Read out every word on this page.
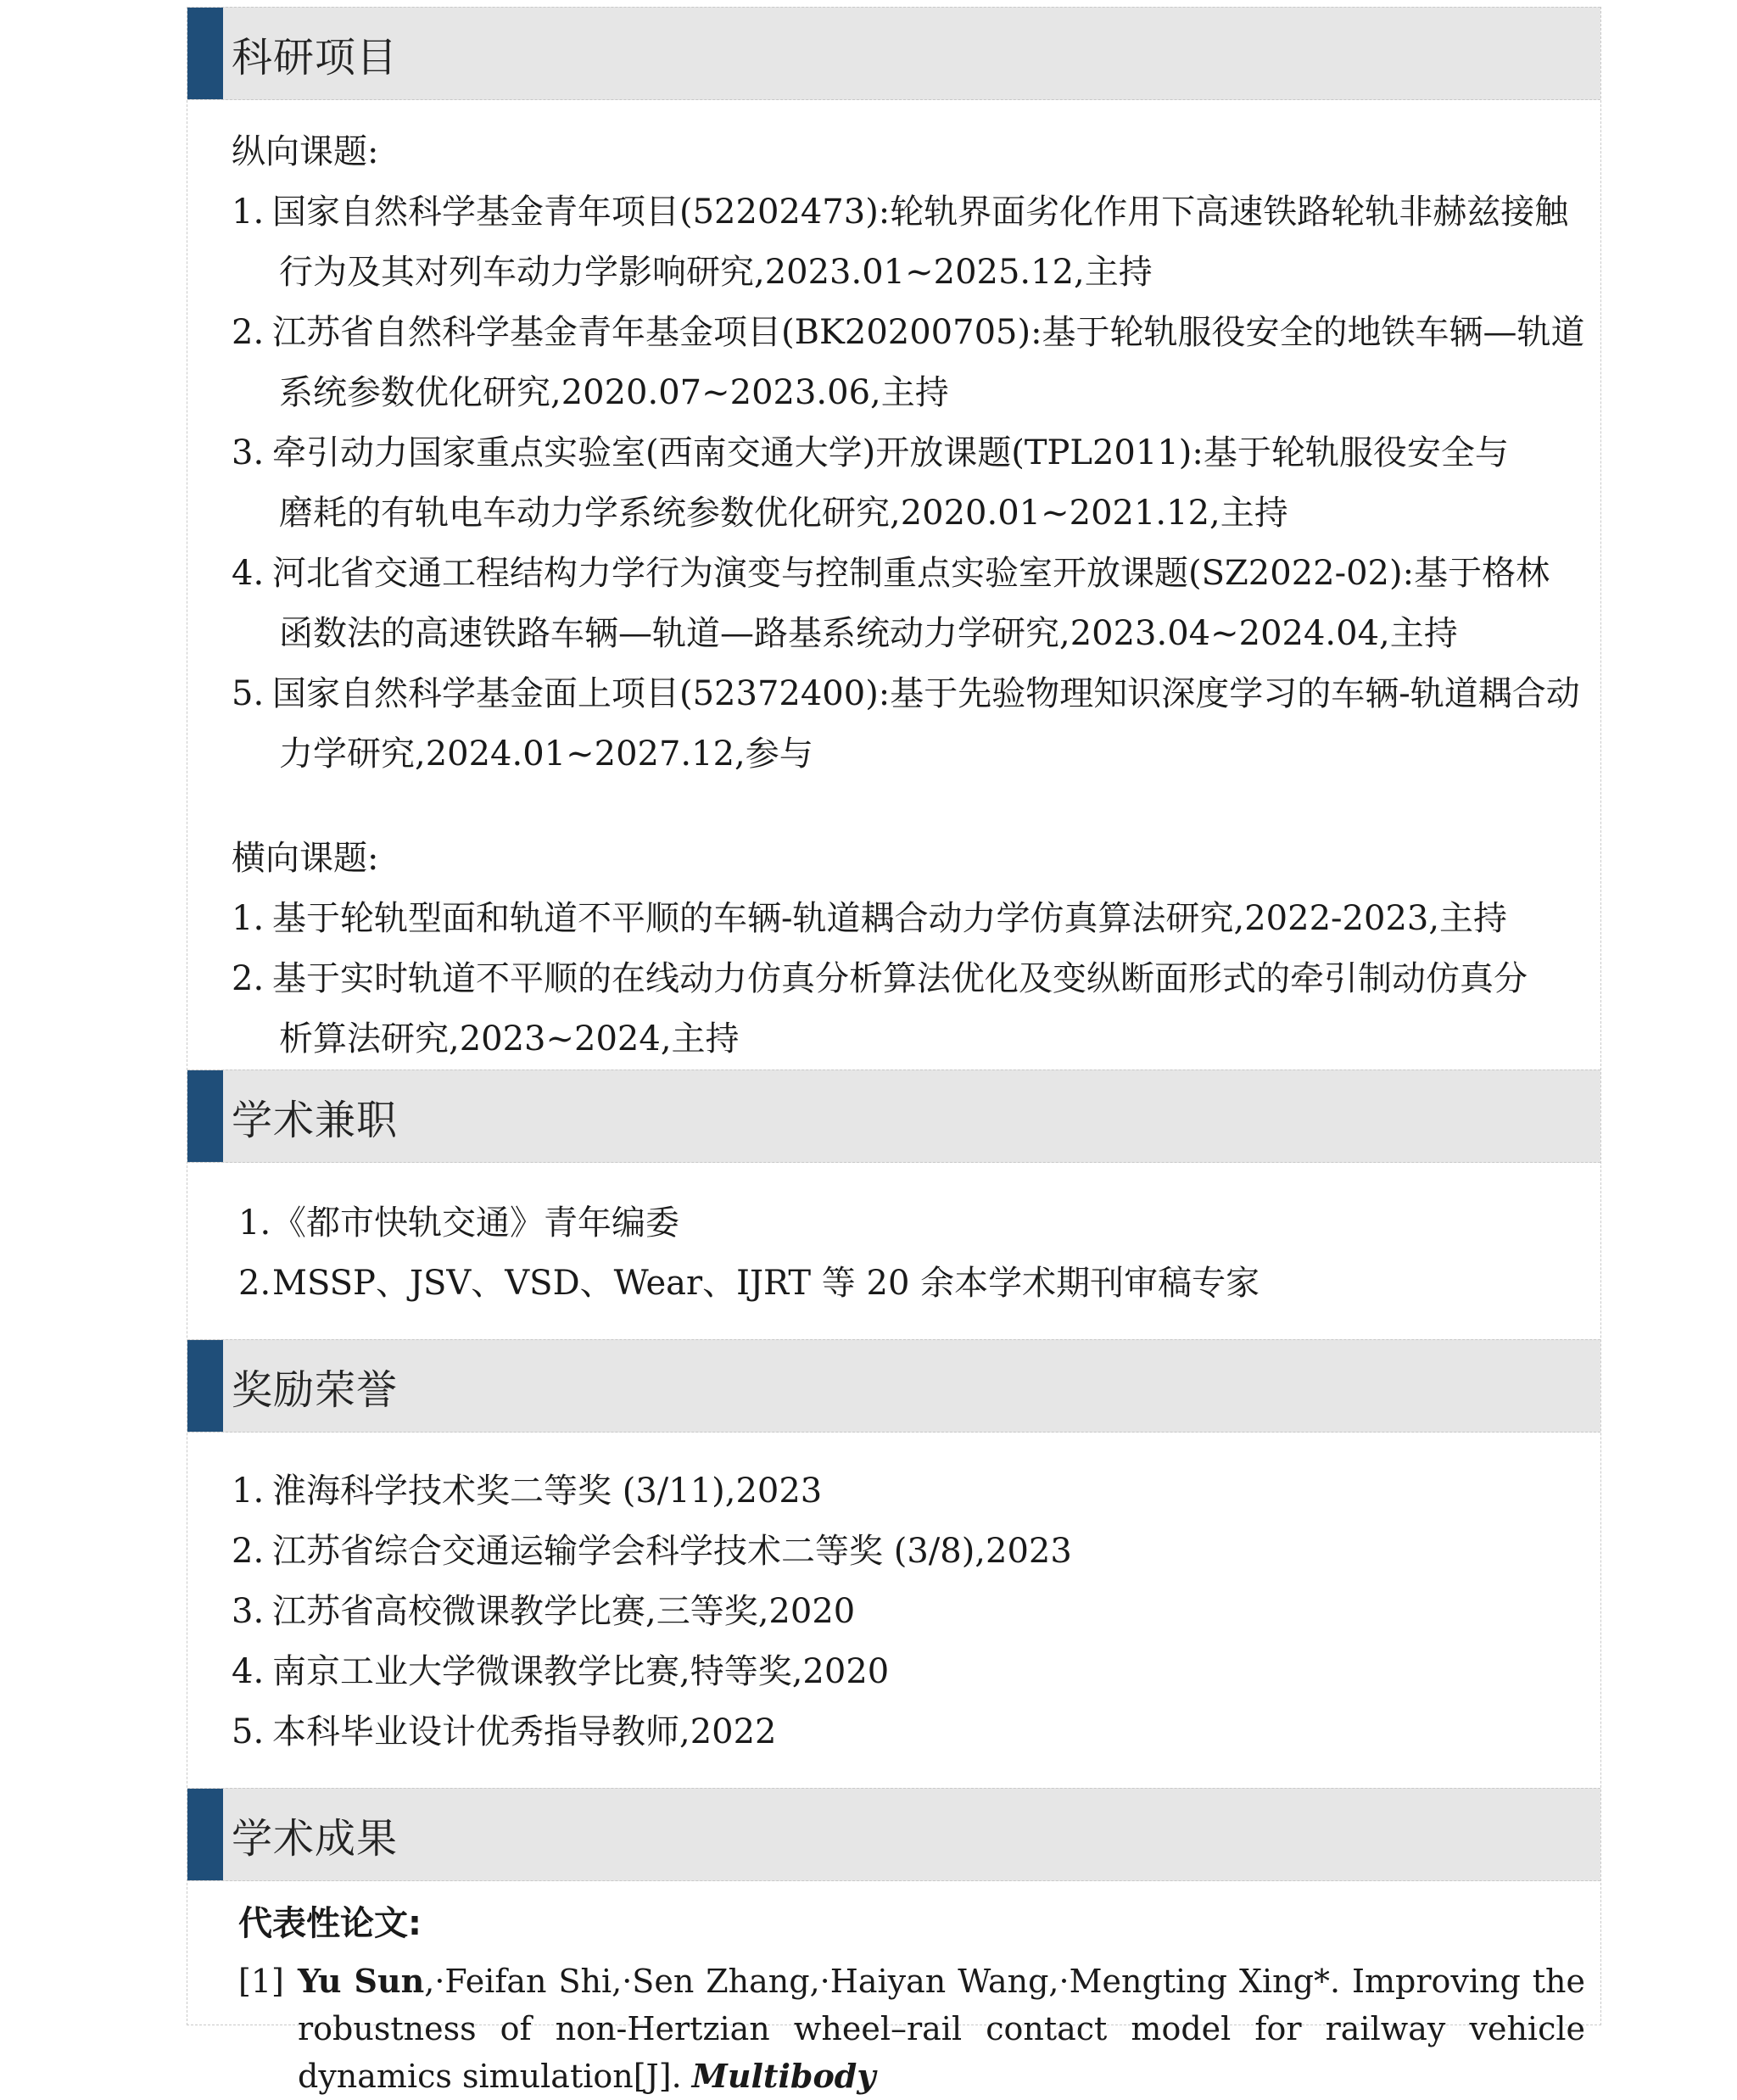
科研项目

纵向课题:

1. 国家自然科学基金青年项目(52202473):轮轨界面劣化作用下高速铁路轮轨非赫兹接触
行为及其对列车动力学影响研究,2023.01~2025.12,主持
2. 江苏省自然科学基金青年基金项目(BK20200705):基于轮轨服役安全的地铁车辆—轨道
系统参数优化研究,2020.07~2023.06,主持
3. 牵引动力国家重点实验室(西南交通大学)开放课题(TPL2011):基于轮轨服役安全与
磨耗的有轨电车动力学系统参数优化研究,2020.01~2021.12,主持
4. 河北省交通工程结构力学行为演变与控制重点实验室开放课题(SZ2022-02):基于格林
函数法的高速铁路车辆—轨道—路基系统动力学研究,2023.04~2024.04,主持
5. 国家自然科学基金面上项目(52372400):基于先验物理知识深度学习的车辆-轨道耦合动
力学研究,2024.01~2027.12,参与

横向课题:

1. 基于轮轨型面和轨道不平顺的车辆-轨道耦合动力学仿真算法研究,2022-2023,主持
2. 基于实时轨道不平顺的在线动力仿真分析算法优化及变纵断面形式的牵引制动仿真分
析算法研究,2023~2024,主持
学术兼职
1. 《都市快轨交通》青年编委
2. MSSP、JSV、VSD、Wear、IJRT 等 20 余本学术期刊审稿专家
奖励荣誉
1. 淮海科学技术奖二等奖 (3/11),2023
2. 江苏省综合交通运输学会科学技术二等奖 (3/8),2023
3. 江苏省高校微课教学比赛,三等奖,2020
4. 南京工业大学微课教学比赛,特等奖,2020
5. 本科毕业设计优秀指导教师,2022
学术成果
代表性论文:
[1] Yu Sun,·Feifan Shi,·Sen Zhang,·Haiyan Wang,·Mengting Xing*. Improving the robustness of non-Hertzian wheel–rail contact model for railway vehicle dynamics simulation[J]. Multibody
